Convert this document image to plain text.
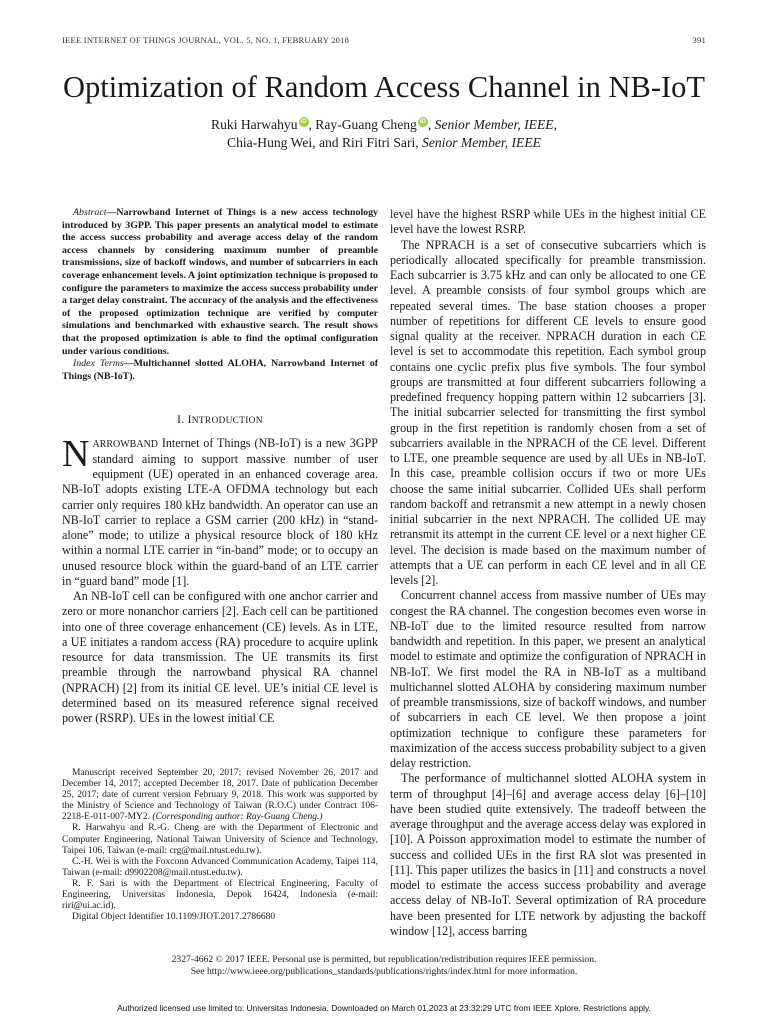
IEEE INTERNET OF THINGS JOURNAL, VOL. 5, NO. 1, FEBRUARY 2018	391
Optimization of Random Access Channel in NB-IoT
Ruki Harwahyu iD , Ray-Guang Cheng iD , Senior Member, IEEE,
Chia-Hung Wei, and Riri Fitri Sari, Senior Member, IEEE

Abstract—Narrowband Internet of Things is a new access technology introduced by 3GPP. This paper presents an analytical model to estimate the access success probability and average access delay of the random access channels by considering maximum number of preamble transmissions, size of backoff windows, and number of subcarriers in each coverage enhancement levels. A joint optimization technique is proposed to configure the parameters to maximize the access success probability under a target delay constraint. The accuracy of the analysis and the effectiveness of the proposed optimization technique are verified by computer simulations and benchmarked with exhaustive search. The result shows that the proposed optimization is able to find the optimal configuration under various conditions.

Index Terms—Multichannel slotted ALOHA, Narrowband Internet of Things (NB-IoT).

I. INTRODUCTION

NARROWBAND Internet of Things (NB-IoT) is a new 3GPP standard aiming to support massive number of user equipment (UE) operated in an enhanced coverage area. NB-IoT adopts existing LTE-A OFDMA technology but each carrier only requires 180 kHz bandwidth. An operator can use an NB-IoT carrier to replace a GSM carrier (200 kHz) in “stand-alone” mode; to utilize a physical resource block of 180 kHz within a normal LTE carrier in “in-band” mode; or to occupy an unused resource block within the guard-band of an LTE carrier in “guard band” mode [1].

An NB-IoT cell can be configured with one anchor carrier and zero or more nonanchor carriers [2]. Each cell can be partitioned into one of three coverage enhancement (CE) levels. As in LTE, a UE initiates a random access (RA) procedure to acquire uplink resource for data transmission. The UE transmits its first preamble through the narrowband physical RA channel (NPRACH) [2] from its initial CE level. UE’s initial CE level is determined based on its measured reference signal received power (RSRP). UEs in the lowest initial CE

Manuscript received September 20, 2017; revised November 26, 2017 and December 14, 2017; accepted December 18, 2017. Date of publication December 25, 2017; date of current version February 9, 2018. This work was supported by the Ministry of Science and Technology of Taiwan (R.O.C) under Contract 106-2218-E-011-007-MY2. (Corresponding author: Ray-Guang Cheng.)

R. Harwahyu and R.-G. Cheng are with the Department of Electronic and Computer Engineering, National Taiwan University of Science and Technology, Taipei 106, Taiwan (e-mail: crg@mail.ntust.edu.tw).

C.-H. Wei is with the Foxconn Advanced Communication Academy, Taipei 114, Taiwan (e-mail: d9902208@mail.ntust.edu.tw).

R. F. Sari is with the Department of Electrical Engineering, Faculty of Engineering, Universitas Indonesia, Depok 16424, Indonesia (e-mail: riri@ui.ac.id).

Digital Object Identifier 10.1109/JIOT.2017.2786680

level have the highest RSRP while UEs in the highest initial CE level have the lowest RSRP.

The NPRACH is a set of consecutive subcarriers which is periodically allocated specifically for preamble transmission. Each subcarrier is 3.75 kHz and can only be allocated to one CE level. A preamble consists of four symbol groups which are repeated several times. The base station chooses a proper number of repetitions for different CE levels to ensure good signal quality at the receiver. NPRACH duration in each CE level is set to accommodate this repetition. Each symbol group contains one cyclic prefix plus five symbols. The four symbol groups are transmitted at four different subcarriers following a predefined frequency hopping pattern within 12 subcarriers [3]. The initial subcarrier selected for transmitting the first symbol group in the first repetition is randomly chosen from a set of subcarriers available in the NPRACH of the CE level. Different to LTE, one preamble sequence are used by all UEs in NB-IoT. In this case, preamble collision occurs if two or more UEs choose the same initial subcarrier. Collided UEs shall perform random backoff and retransmit a new attempt in a newly chosen initial subcarrier in the next NPRACH. The collided UE may retransmit its attempt in the current CE level or a next higher CE level. The decision is made based on the maximum number of attempts that a UE can perform in each CE level and in all CE levels [2].

Concurrent channel access from massive number of UEs may congest the RA channel. The congestion becomes even worse in NB-IoT due to the limited resource resulted from narrow bandwidth and repetition. In this paper, we present an analytical model to estimate and optimize the configuration of NPRACH in NB-IoT. We first model the RA in NB-IoT as a multiband multichannel slotted ALOHA by considering maximum number of preamble transmissions, size of backoff windows, and number of subcarriers in each CE level. We then propose a joint optimization technique to configure these parameters for maximization of the access success probability subject to a given delay restriction.

The performance of multichannel slotted ALOHA system in term of throughput [4]–[6] and average access delay [6]–[10] have been studied quite extensively. The tradeoff between the average throughput and the average access delay was explored in [10]. A Poisson approximation model to estimate the number of success and collided UEs in the first RA slot was presented in [11]. This paper utilizes the basics in [11] and constructs a novel model to estimate the access success probability and average access delay of NB-IoT. Several optimization of RA procedure have been presented for LTE network by adjusting the backoff window [12], access barring

2327-4662 © 2017 IEEE. Personal use is permitted, but republication/redistribution requires IEEE permission.
See http://www.ieee.org/publications_standards/publications/rights/index.html for more information.
Authorized licensed use limited to: Universitas Indonesia. Downloaded on March 01,2023 at 23:32:29 UTC from IEEE Xplore. Restrictions apply.
